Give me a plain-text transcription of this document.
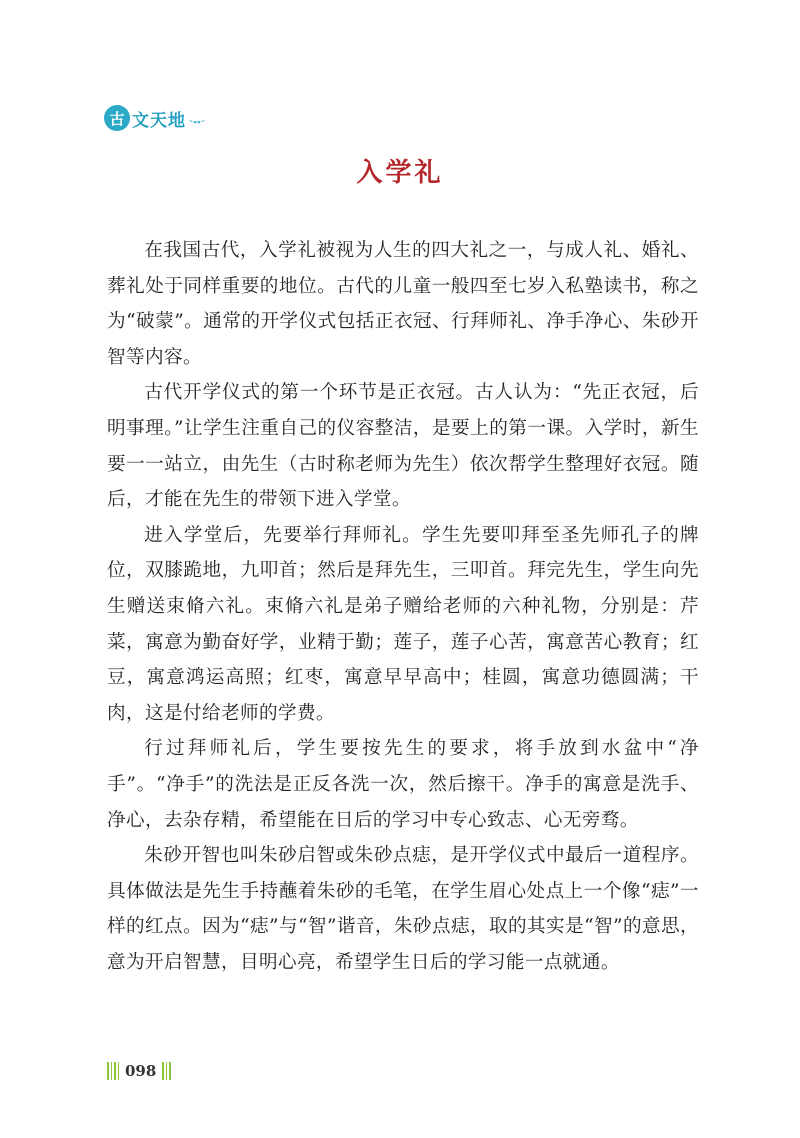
古 文天地
入学礼

在我国古代，入学礼被视为人生的四大礼之一，与成人礼、婚礼、葬礼处于同样重要的地位。古代的儿童一般四至七岁入私塾读书，称之为“破蒙”。通常的开学仪式包括正衣冠、行拜师礼、净手净心、朱砂开智等内容。

古代开学仪式的第一个环节是正衣冠。古人认为：“先正衣冠，后明事理。”让学生注重自己的仪容整洁，是要上的第一课。入学时，新生要一一站立，由先生（古时称老师为先生）依次帮学生整理好衣冠。随后，才能在先生的带领下进入学堂。

进入学堂后，先要举行拜师礼。学生先要叩拜至圣先师孔子的牌位，双膝跪地，九叩首；然后是拜先生，三叩首。拜完先生，学生向先生赠送束脩六礼。束脩六礼是弟子赠给老师的六种礼物，分别是：芹菜，寓意为勤奋好学，业精于勤；莲子，莲子心苦，寓意苦心教育；红豆，寓意鸿运高照；红枣，寓意早早高中；桂圆，寓意功德圆满；干肉，这是付给老师的学费。

行过拜师礼后，学生要按先生的要求，将手放到水盆中“净手”。“净手”的洗法是正反各洗一次，然后擦干。净手的寓意是洗手、净心，去杂存精，希望能在日后的学习中专心致志、心无旁骛。

朱砂开智也叫朱砂启智或朱砂点痣，是开学仪式中最后一道程序。具体做法是先生手持蘸着朱砂的毛笔，在学生眉心处点上一个像“痣”一样的红点。因为“痣”与“智”谐音，朱砂点痣，取的其实是“智”的意思，意为开启智慧，目明心亮，希望学生日后的学习能一点就通。

098
